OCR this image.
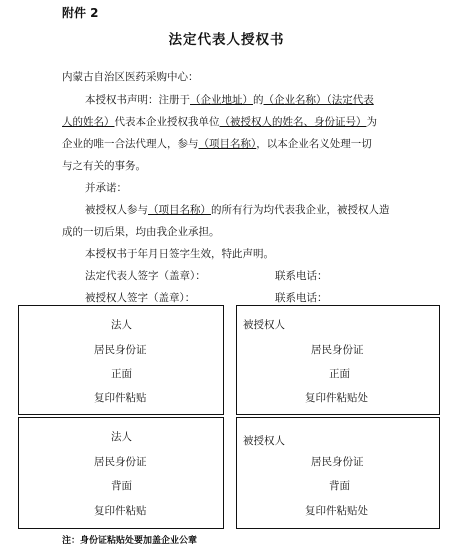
附件 2
法定代表人授权书
内蒙古自治区医药采购中心：
本授权书声明：注册于（企业地址）的（企业名称）（法定代表
人的姓名）代表本企业授权我单位（被授权人的姓名、身份证号）为
企业的唯一合法代理人，参与（项目名称），以本企业名义处理一切
与之有关的事务。
并承诺：
被授权人参与（项目名称）的所有行为均代表我企业，被授权人造
成的一切后果，均由我企业承担。
本授权书于年月日签字生效，特此声明。
法定代表人签字（盖章）：	联系电话：
被授权人签字（盖章）：	联系电话：
法人
居民身份证
正面
复印件粘贴
被授权人
居民身份证
正面
复印件粘贴处
法人
居民身份证
背面
复印件粘贴
被授权人
居民身份证
背面
复印件粘贴处
注：身份证粘贴处要加盖企业公章
